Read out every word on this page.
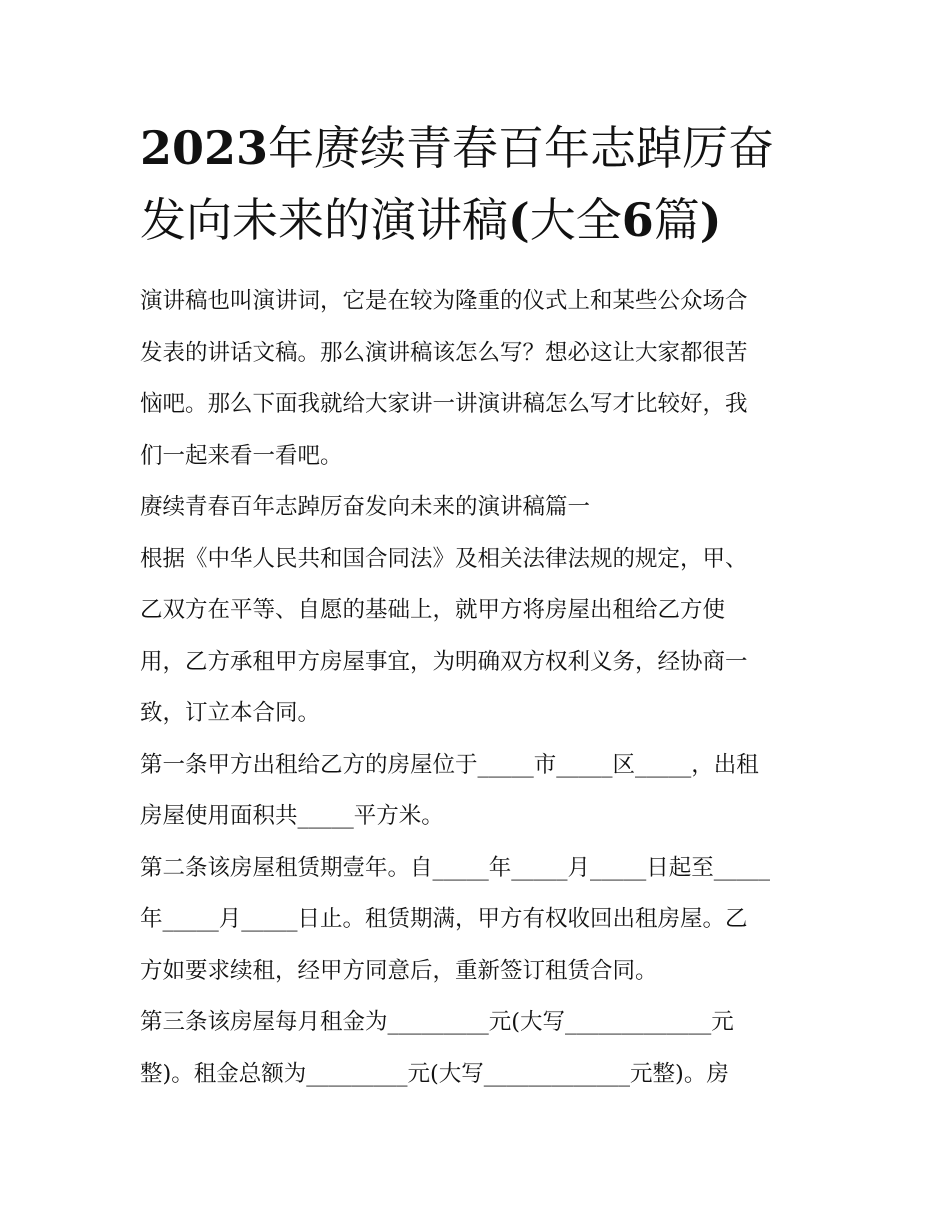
2023年赓续青春百年志踔厉奋
发向未来的演讲稿(大全6篇)

演讲稿也叫演讲词，它是在较为隆重的仪式上和某些公众场合

发表的讲话文稿。那么演讲稿该怎么写？想必这让大家都很苦

恼吧。那么下面我就给大家讲一讲演讲稿怎么写才比较好，我

们一起来看一看吧。

赓续青春百年志踔厉奋发向未来的演讲稿篇一

根据《中华人民共和国合同法》及相关法律法规的规定，甲、

乙双方在平等、自愿的基础上，就甲方将房屋出租给乙方使

用，乙方承租甲方房屋事宜，为明确双方权利义务，经协商一

致，订立本合同。

第一条甲方出租给乙方的房屋位于_____市_____区_____，出租

房屋使用面积共_____平方米。

第二条该房屋租赁期壹年。自_____年_____月_____日起至_____

年_____月_____日止。租赁期满，甲方有权收回出租房屋。乙

方如要求续租，经甲方同意后，重新签订租赁合同。

第三条该房屋每月租金为_________元(大写_____________元

整)。租金总额为_________元(大写_____________元整)。房
